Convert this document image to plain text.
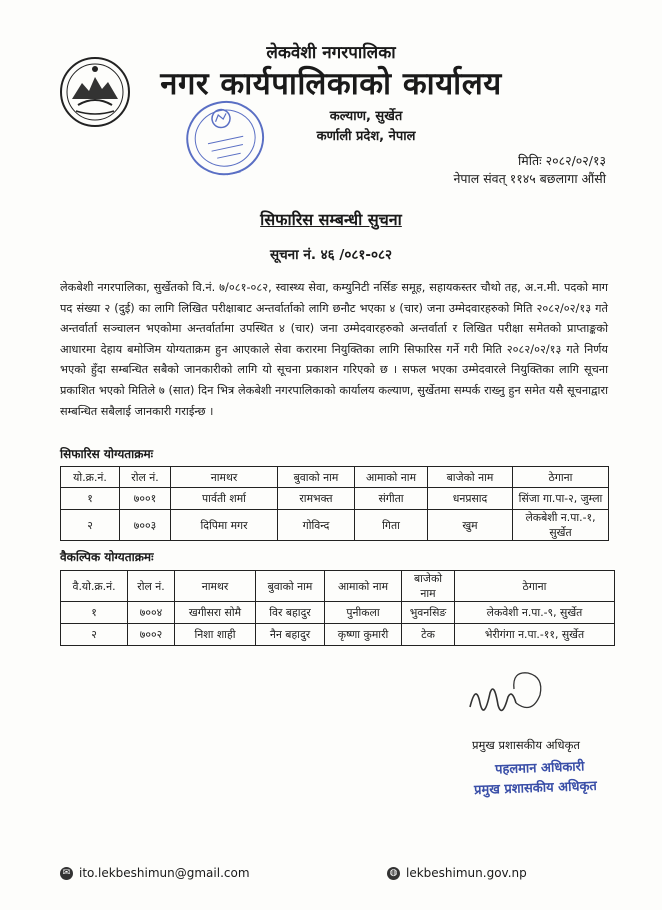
लेकवेशी नगरपालिका
नगर कार्यपालिकाको कार्यालय
कल्याण, सुर्खेत
कर्णाली प्रदेश, नेपाल
मितिः २०८२/०२/१३
नेपाल संवत् ११४५ बछलागा औंसी
सिफारिस सम्बन्धी सुचना
सूचना नं. ४६ /०८१-०८२
लेकबेशी नगरपालिका, सुर्खेतको वि.नं. ७/०८१-०८२, स्वास्थ्य सेवा, कम्युनिटी नर्सिङ समूह, सहायकस्तर चौथो तह, अ.न.मी. पदको माग पद संख्या २ (दुई) का लागि लिखित परीक्षाबाट अन्तर्वार्ताको लागि छनौट भएका ४ (चार) जना उम्मेदवारहरुको मिति २०८२/०२/१३ गते अन्तर्वार्ता सञ्चालन भएकोमा अन्तर्वार्तामा उपस्थित ४ (चार) जना उम्मेदवारहरुको अन्तर्वार्ता र लिखित परीक्षा समेतको प्राप्ताङ्कको आधारमा देहाय बमोजिम योग्यताक्रम हुन आएकाले सेवा करारमा नियुक्तिका लागि सिफारिस गर्ने गरी मिति २०८२/०२/१३ गते निर्णय भएको हुँदा सम्बन्धित सबैको जानकारीको लागि यो सूचना प्रकाशन गरिएको छ । सफल भएका उम्मेदवारले नियुक्तिका लागि सूचना प्रकाशित भएको मितिले ७ (सात) दिन भित्र लेकबेशी नगरपालिकाको कार्यालय कल्याण, सुर्खेतमा सम्पर्क राख्नु हुन समेत यसै सूचनाद्वारा सम्बन्धित सबैलाई जानकारी गराईन्छ ।
सिफारिस योग्यताक्रमः
यो.क्र.नं.	रोल नं.	नामथर	बुवाको नाम	आमाको नाम	बाजेको नाम	ठेगाना
१	७००१	पार्वती शर्मा	रामभक्त	संगीता	धनप्रसाद	सिंजा गा.पा-२, जुम्ला
२	७००३	दिपिमा मगर	गोविन्द	गिता	खुम	लेकबेशी न.पा.-१, सुर्खेत
वैकल्पिक योग्यताक्रमः
वै.यो.क्र.नं.	रोल नं.	नामथर	बुवाको नाम	आमाको नाम	बाजेको नाम	ठेगाना
१	७००४	खगीसरा सोमै	विर बहादुर	पुनीकला	भुवनसिङ	लेकवेशी न.पा.-९, सुर्खेत
२	७००२	निशा शाही	नैन बहादुर	कृष्णा कुमारी	टेक	भेरीगंगा न.पा.-११, सुर्खेत
प्रमुख प्रशासकीय अधिकृत
पहलमान अधिकारी
प्रमुख प्रशासकीय अधिकृत
✉ ito.lekbeshimun@gmail.com	◍ lekbeshimun.gov.np
